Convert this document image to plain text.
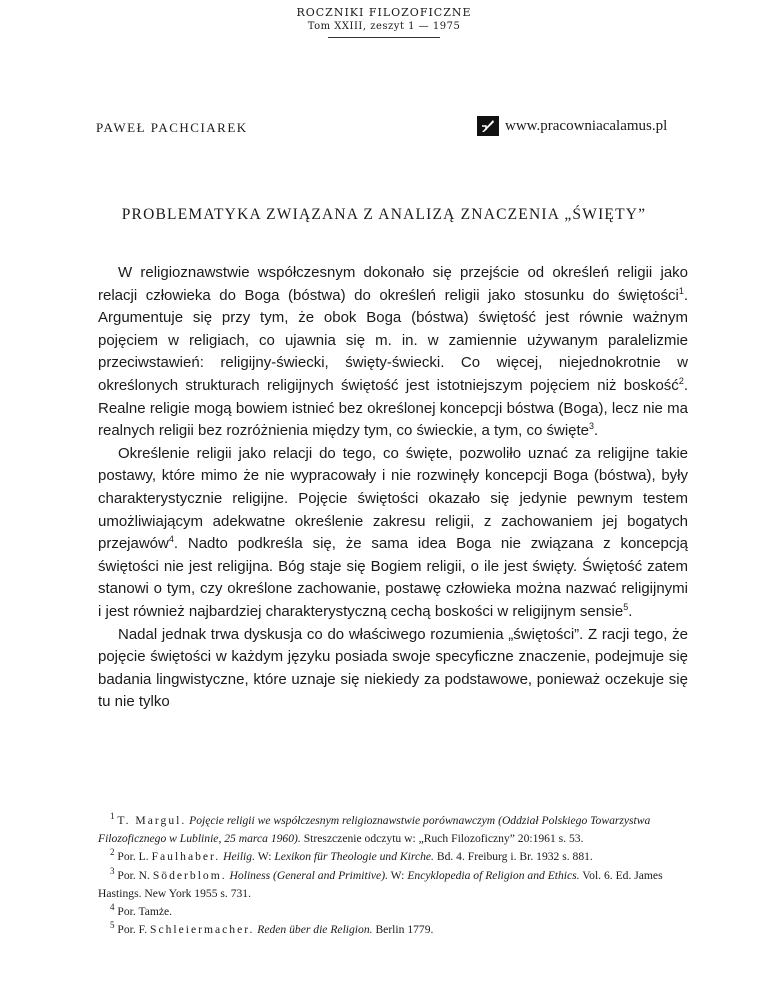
ROCZNIKI FILOZOFICZNE
Tom XXIII, zeszyt 1 — 1975
PAWEŁ PACHCIAREK	www.pracowniacalamus.pl
PROBLEMATYKA ZWIĄZANA Z ANALIZĄ ZNACZENIA „ŚWIĘTY”

W religioznawstwie współczesnym dokonało się przejście od określeń religii jako relacji człowieka do Boga (bóstwa) do określeń religii jako stosunku do świętości$^1$. Argumentuje się przy tym, że obok Boga (bóstwa) świętość jest równie ważnym pojęciem w religiach, co ujawnia się m. in. w zamiennie używanym paralelizmie przeciwstawień: religijny-świecki, święty-świecki. Co więcej, niejednokrotnie w określonych strukturach religijnych świętość jest istotniejszym pojęciem niż boskość$^2$. Realne religie mogą bowiem istnieć bez określonej koncepcji bóstwa (Boga), lecz nie ma realnych religii bez rozróżnienia między tym, co świeckie, a tym, co święte$^3$.

Określenie religii jako relacji do tego, co święte, pozwoliło uznać za religijne takie postawy, które mimo że nie wypracowały i nie rozwinęły koncepcji Boga (bóstwa), były charakterystycznie religijne. Pojęcie świętości okazało się jedynie pewnym testem umożliwiającym adekwatne określenie zakresu religii, z zachowaniem jej bogatych przejawów$^4$. Nadto podkreśla się, że sama idea Boga nie związana z koncepcją świętości nie jest religijna. Bóg staje się Bogiem religii, o ile jest święty. Świętość zatem stanowi o tym, czy określone zachowanie, postawę człowieka można nazwać religijnymi i jest również najbardziej charakterystyczną cechą boskości w religijnym sensie$^5$.

Nadal jednak trwa dyskusja co do właściwego rozumienia „świętości”. Z racji tego, że pojęcie świętości w każdym języku posiada swoje specyficzne znaczenie, podejmuje się badania lingwistyczne, które uznaje się niekiedy za podstawowe, ponieważ oczekuje się tu nie tylko

$^1$ T. Margul. Pojęcie religii we współczesnym religioznawstwie porównawczym (Oddział Polskiego Towarzystwa Filozoficznego w Lublinie, 25 marca 1960). Streszczenie odczytu w: „Ruch Filozoficzny” 20:1961 s. 53.

$^2$ Por. L. Faulhaber. Heilig. W: Lexikon für Theologie und Kirche. Bd. 4. Freiburg i. Br. 1932 s. 881.

$^3$ Por. N. Söderblom. Holiness (General and Primitive). W: Encyklopedia of Religion and Ethics. Vol. 6. Ed. James Hastings. New York 1955 s. 731.

$^4$ Por. Tamże.

$^5$ Por. F. Schleiermacher. Reden über die Religion. Berlin 1779.
